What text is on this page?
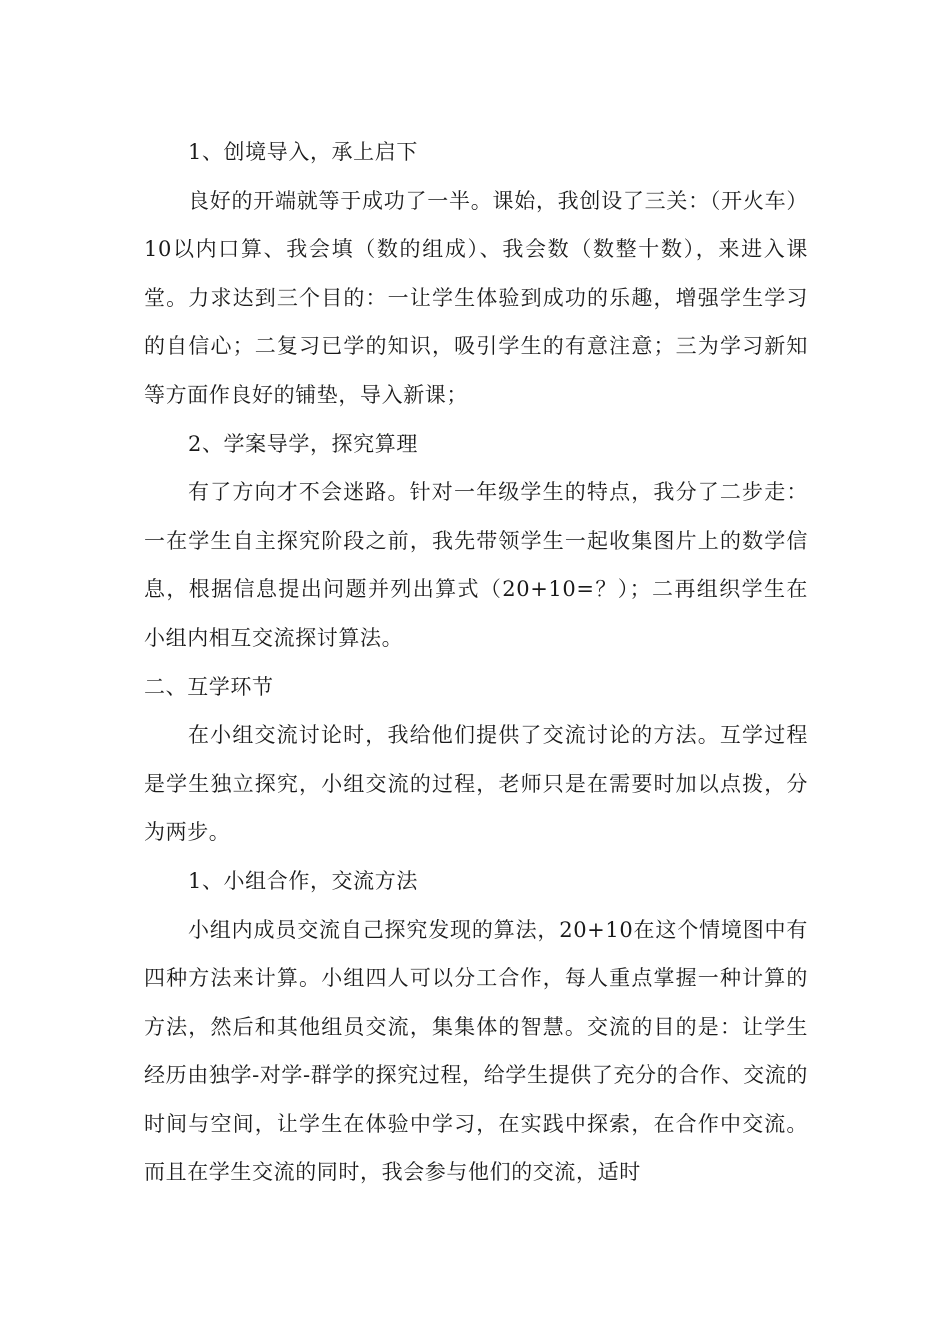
1、创境导入，承上启下

良好的开端就等于成功了一半。课始，我创设了三关：（开火车）10以内口算、我会填（数的组成）、我会数（数整十数），来进入课堂。力求达到三个目的：一让学生体验到成功的乐趣，增强学生学习的自信心；二复习已学的知识，吸引学生的有意注意；三为学习新知等方面作良好的铺垫，导入新课；

2、学案导学，探究算理

有了方向才不会迷路。针对一年级学生的特点，我分了二步走：一在学生自主探究阶段之前，我先带领学生一起收集图片上的数学信息，根据信息提出问题并列出算式（20+10=？）；二再组织学生在小组内相互交流探讨算法。

二、互学环节

在小组交流讨论时，我给他们提供了交流讨论的方法。互学过程是学生独立探究，小组交流的过程，老师只是在需要时加以点拨，分为两步。

1、小组合作，交流方法

小组内成员交流自己探究发现的算法，20+10在这个情境图中有四种方法来计算。小组四人可以分工合作，每人重点掌握一种计算的方法，然后和其他组员交流，集集体的智慧。交流的目的是：让学生经历由独学-对学-群学的探究过程，给学生提供了充分的合作、交流的时间与空间，让学生在体验中学习，在实践中探索，在合作中交流。而且在学生交流的同时，我会参与他们的交流，适时
